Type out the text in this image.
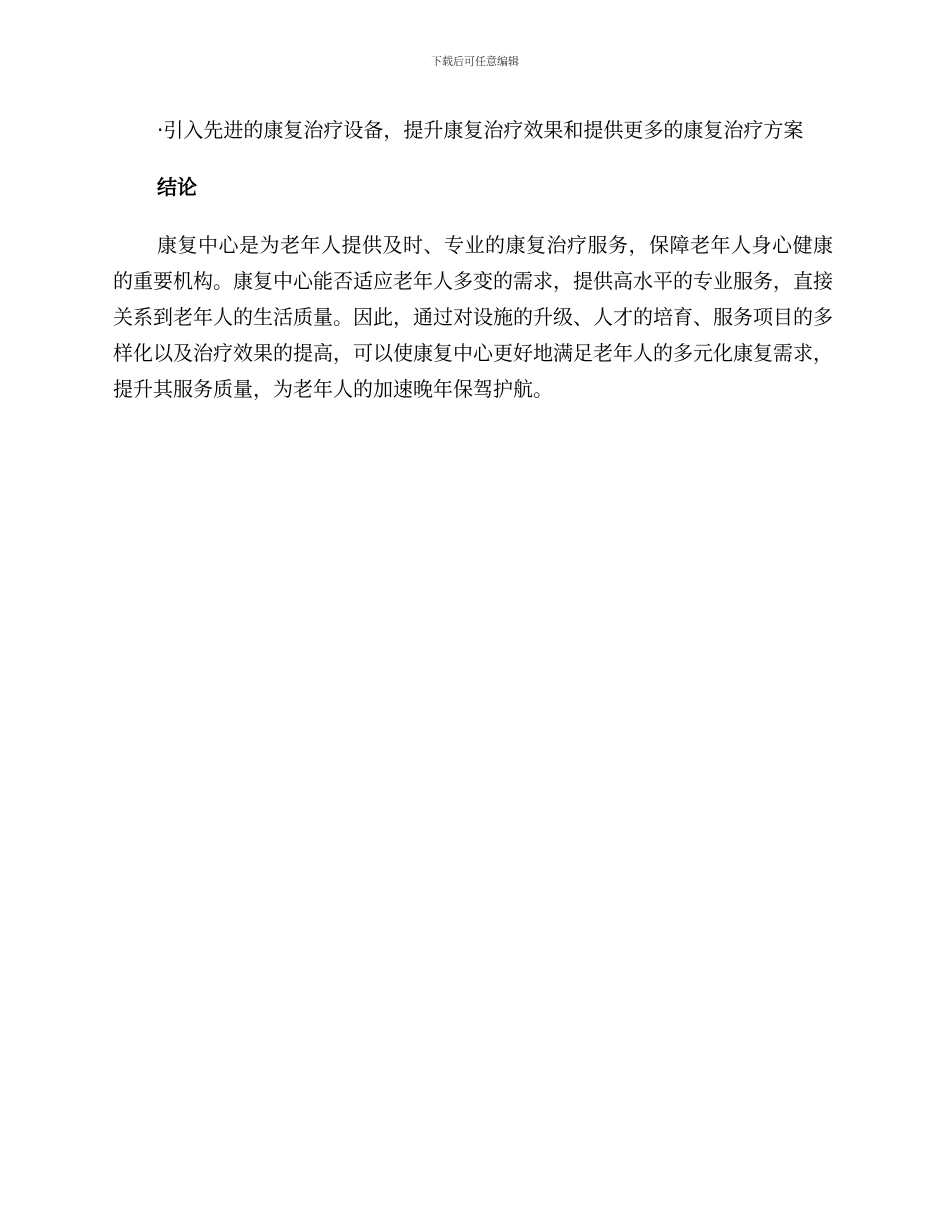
下载后可任意编辑

·引入先进的康复治疗设备，提升康复治疗效果和提供更多的康复治疗方案

结论

康复中心是为老年人提供及时、专业的康复治疗服务，保障老年人身心健康的重要机构。康复中心能否适应老年人多变的需求，提供高水平的专业服务，直接关系到老年人的生活质量。因此，通过对设施的升级、人才的培育、服务项目的多样化以及治疗效果的提高，可以使康复中心更好地满足老年人的多元化康复需求，提升其服务质量，为老年人的加速晚年保驾护航。
